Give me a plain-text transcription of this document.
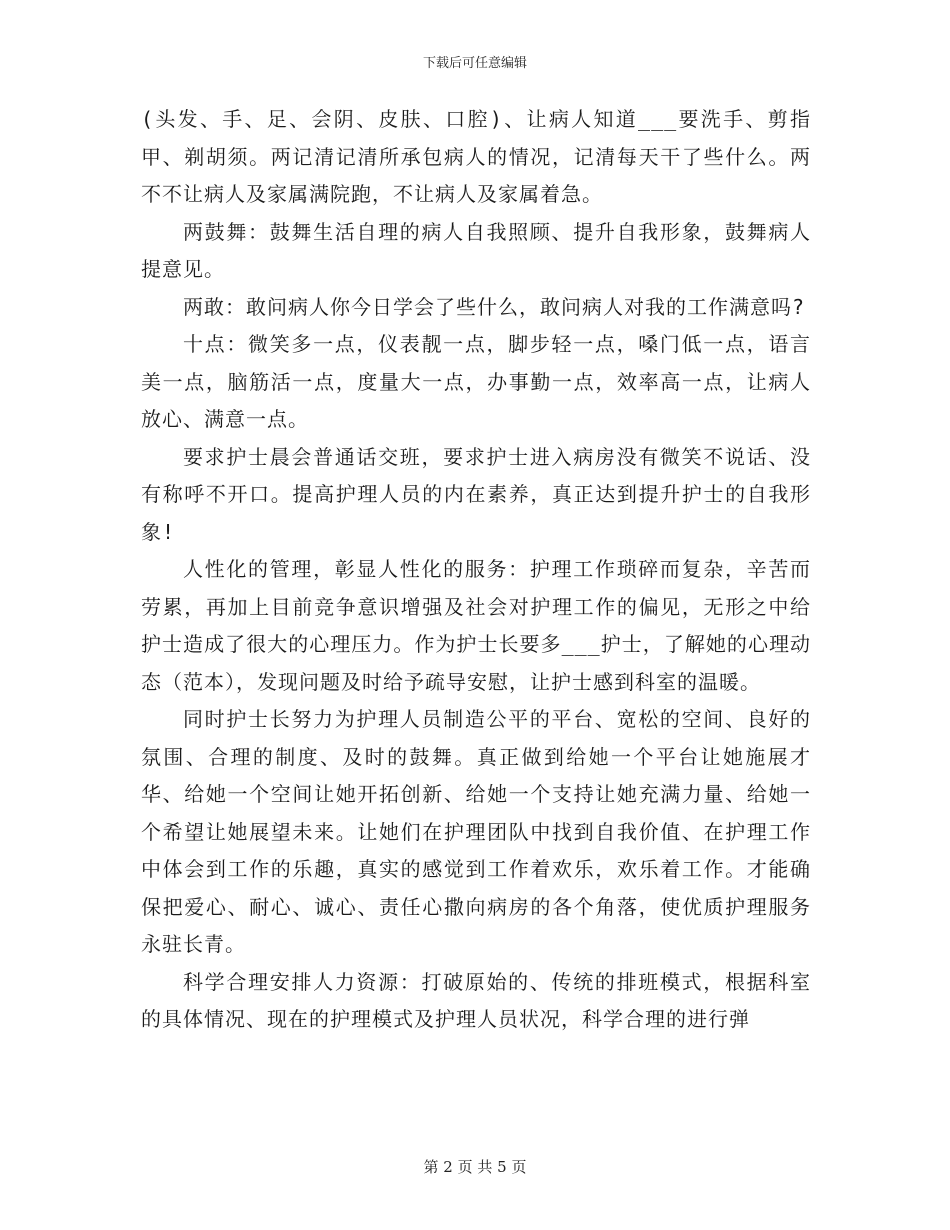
下载后可任意编辑

(头发、手、足、会阴、皮肤、口腔)、让病人知道___要洗手、剪指甲、剃胡须。两记清记清所承包病人的情况，记清每天干了些什么。两不不让病人及家属满院跑，不让病人及家属着急。

两鼓舞：鼓舞生活自理的病人自我照顾、提升自我形象，鼓舞病人提意见。

两敢：敢问病人你今日学会了些什么，敢问病人对我的工作满意吗?

十点：微笑多一点，仪表靓一点，脚步轻一点，嗓门低一点，语言美一点，脑筋活一点，度量大一点，办事勤一点，效率高一点，让病人放心、满意一点。

要求护士晨会普通话交班，要求护士进入病房没有微笑不说话、没有称呼不开口。提高护理人员的内在素养，真正达到提升护士的自我形象!

人性化的管理，彰显人性化的服务：护理工作琐碎而复杂，辛苦而劳累，再加上目前竞争意识增强及社会对护理工作的偏见，无形之中给护士造成了很大的心理压力。作为护士长要多___护士，了解她的心理动态（范本），发现问题及时给予疏导安慰，让护士感到科室的温暖。

同时护士长努力为护理人员制造公平的平台、宽松的空间、良好的氛围、合理的制度、及时的鼓舞。真正做到给她一个平台让她施展才华、给她一个空间让她开拓创新、给她一个支持让她充满力量、给她一个希望让她展望未来。让她们在护理团队中找到自我价值、在护理工作中体会到工作的乐趣，真实的感觉到工作着欢乐，欢乐着工作。才能确保把爱心、耐心、诚心、责任心撒向病房的各个角落，使优质护理服务永驻长青。

科学合理安排人力资源：打破原始的、传统的排班模式，根据科室的具体情况、现在的护理模式及护理人员状况，科学合理的进行弹

第 2 页 共 5 页
